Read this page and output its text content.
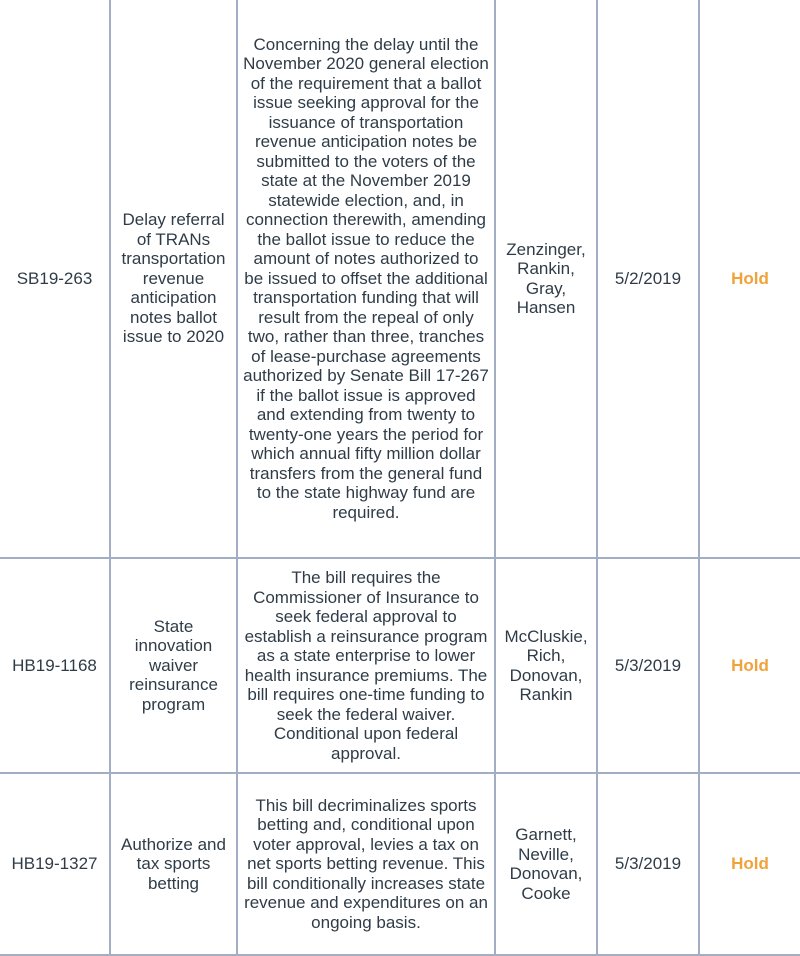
SB19-263	Delay referral of TRANs transportation revenue anticipation notes ballot issue to 2020	Concerning the delay until the November 2020 general election of the requirement that a ballot issue seeking approval for the issuance of transportation revenue anticipation notes be submitted to the voters of the state at the November 2019 statewide election, and, in connection therewith, amending the ballot issue to reduce the amount of notes authorized to be issued to offset the additional transportation funding that will result from the repeal of only two, rather than three, tranches of lease-purchase agreements authorized by Senate Bill 17-267 if the ballot issue is approved and extending from twenty to twenty-one years the period for which annual fifty million dollar transfers from the general fund to the state highway fund are required.	Zenzinger, Rankin, Gray, Hansen	5/2/2019	Hold
HB19-1168	State innovation waiver reinsurance program	The bill requires the Commissioner of Insurance to seek federal approval to establish a reinsurance program as a state enterprise to lower health insurance premiums. The bill requires one-time funding to seek the federal waiver. Conditional upon federal approval.	McCluskie, Rich, Donovan, Rankin	5/3/2019	Hold
HB19-1327	Authorize and tax sports betting	This bill decriminalizes sports betting and, conditional upon voter approval, levies a tax on net sports betting revenue. This bill conditionally increases state revenue and expenditures on an ongoing basis.	Garnett, Neville, Donovan, Cooke	5/3/2019	Hold
